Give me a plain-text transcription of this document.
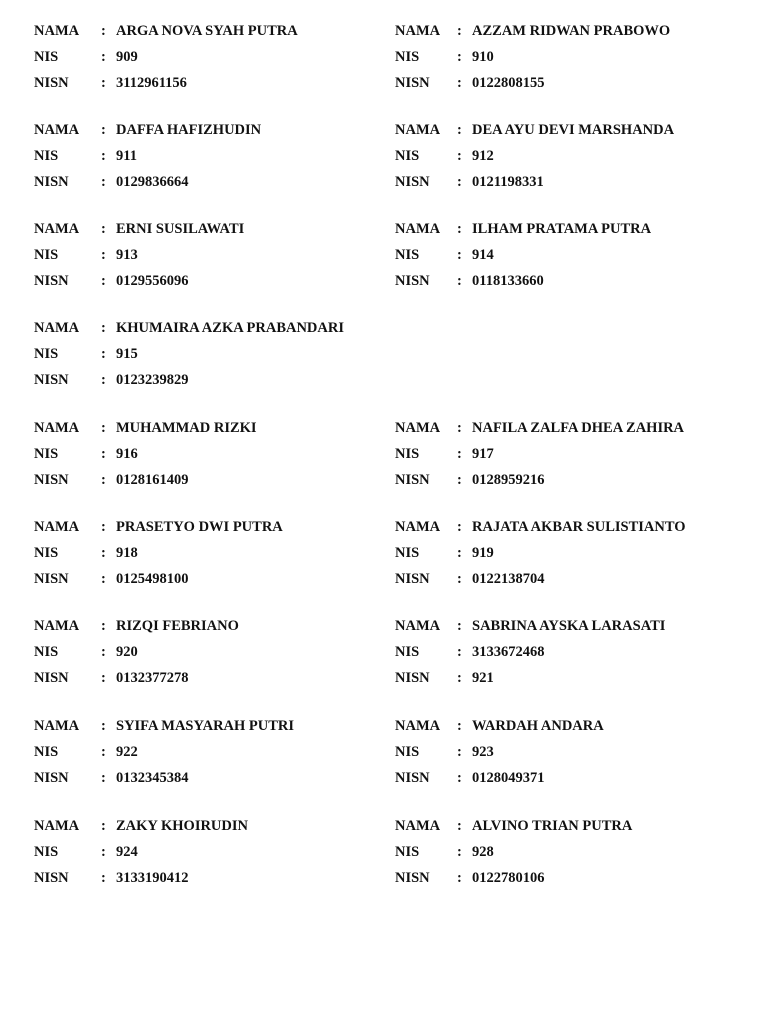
NAMA : ARGA NOVA SYAH PUTRA
NIS	: 909
NISN : 3112961156
NAMA : AZZAM RIDWAN PRABOWO
NIS	: 910
NISN : 0122808155
NAMA : DAFFA HAFIZHUDIN
NIS	: 911
NISN : 0129836664
NAMA : DEA AYU DEVI MARSHANDA
NIS	: 912
NISN : 0121198331
NAMA : ERNI SUSILAWATI
NIS	: 913
NISN : 0129556096
NAMA : ILHAM PRATAMA PUTRA
NIS	: 914
NISN : 0118133660
NAMA : KHUMAIRA AZKA PRABANDARI
NIS	: 915
NISN : 0123239829
NAMA : MUHAMMAD RIZKI
NIS	: 916
NISN : 0128161409
NAMA : NAFILA ZALFA DHEA ZAHIRA
NIS	: 917
NISN : 0128959216
NAMA : PRASETYO DWI PUTRA
NIS	: 918
NISN : 0125498100
NAMA : RAJATA AKBAR SULISTIANTO
NIS	: 919
NISN : 0122138704
NAMA : RIZQI FEBRIANO
NIS	: 920
NISN : 0132377278
NAMA : SABRINA AYSKA LARASATI
NIS	: 3133672468
NISN : 921
NAMA : SYIFA MASYARAH PUTRI
NIS	: 922
NISN : 0132345384
NAMA : WARDAH ANDARA
NIS	: 923
NISN : 0128049371
NAMA : ZAKY KHOIRUDIN
NIS	: 924
NISN : 3133190412
NAMA : ALVINO TRIAN PUTRA
NIS	: 928
NISN : 0122780106
